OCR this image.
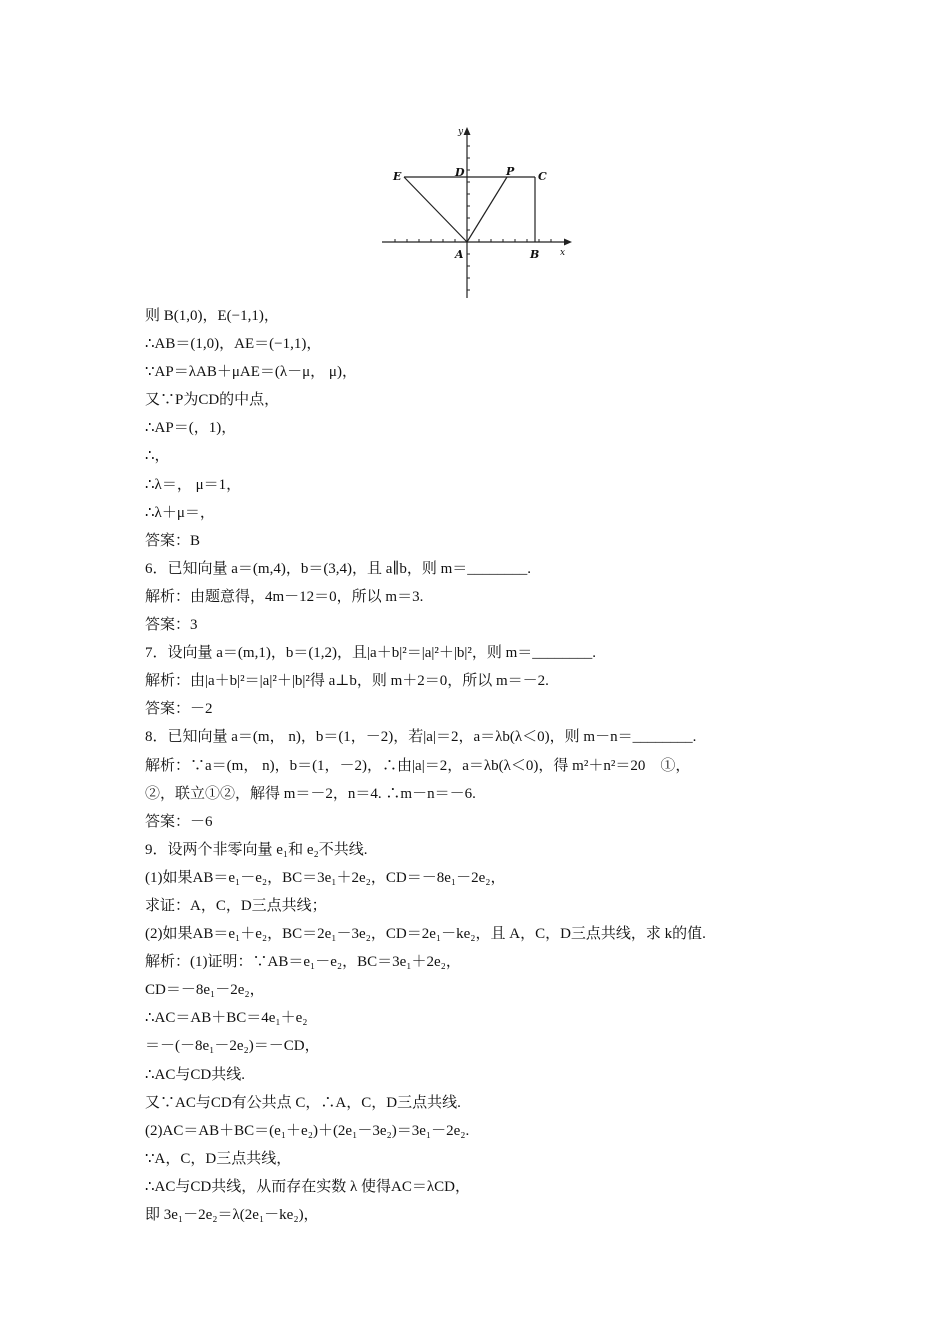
y
x
E	D	P C
A	B
则 B(1,0)，E(−1,1)，
∴AB＝(1,0)，AE＝(−1,1)，
∵AP＝λAB＋μAE＝(λ－μ， μ)，
又∵P为CD的中点，
∴AP＝(，1)，
∴，
∴λ＝， μ＝1，
∴λ＋μ＝，
答案：B
6．已知向量 a＝(m,4)，b＝(3,4)，且 a∥b，则 m＝________.
解析：由题意得，4m－12＝0，所以 m＝3.
答案：3
7．设向量 a＝(m,1)，b＝(1,2)，且|a＋b|²＝|a|²＋|b|²，则 m＝________.
解析：由|a＋b|²＝|a|²＋|b|²得 a⊥b，则 m＋2＝0，所以 m＝－2.
答案：－2
8．已知向量 a＝(m， n)，b＝(1，－2)，若|a|＝2，a＝λb(λ＜0)，则 m－n＝________.
解析：∵a＝(m， n)，b＝(1，－2)，∴由|a|＝2，a＝λb(λ＜0)，得 m²＋n²＝20　①，
②，联立①②，解得 m＝－2，n＝4. ∴m－n＝－6.
答案：－6
9．设两个非零向量 e₁和 e₂不共线.
(1)如果AB＝e₁－e₂，BC＝3e₁＋2e₂，CD＝－8e₁－2e₂，
求证：A，C，D三点共线；
(2)如果AB＝e₁＋e₂，BC＝2e₁－3e₂，CD＝2e₁－ke₂，且 A，C，D三点共线，求 k的值.
解析：(1)证明：∵AB＝e₁－e₂，BC＝3e₁＋2e₂，
CD＝－8e₁－2e₂，
∴AC＝AB＋BC＝4e₁＋e₂
＝－(－8e₁－2e₂)＝－CD，
∴AC与CD共线.
又∵AC与CD有公共点 C，∴A，C，D三点共线.
(2)AC＝AB＋BC＝(e₁＋e₂)＋(2e₁－3e₂)＝3e₁－2e₂.
∵A，C，D三点共线，
∴AC与CD共线，从而存在实数 λ 使得AC＝λCD，
即 3e₁－2e₂＝λ(2e₁－ke₂)，
